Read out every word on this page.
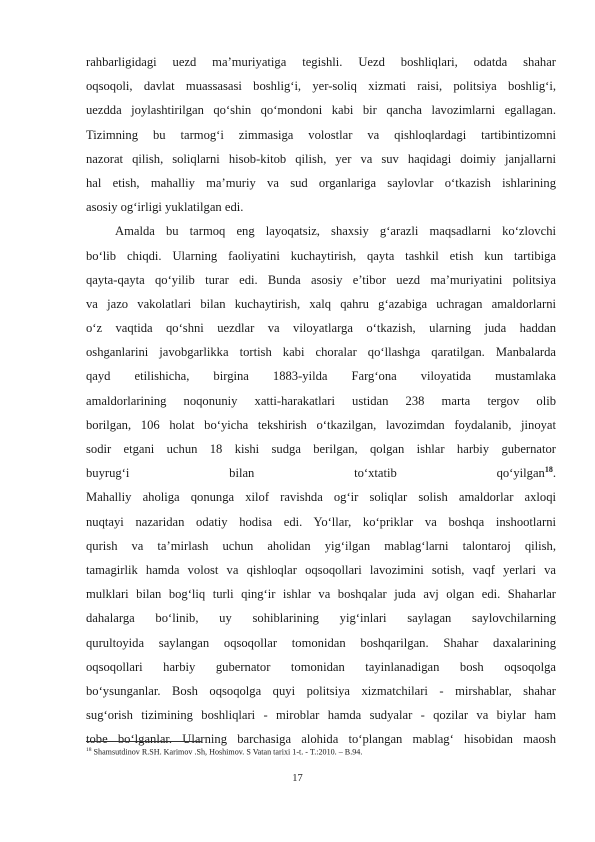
rahbarligidagi uezd ma’muriyatiga tegishli. Uezd boshliqlari, odatda shahar
oqsoqoli, davlat muassasasi boshlig‘i, yer-soliq xizmati raisi, politsiya boshlig‘i,
uezdda joylashtirilgan qo‘shin qo‘mondoni kabi bir qancha lavozimlarni egallagan.
Tizimning bu tarmog‘i zimmasiga volostlar va qishloqlardagi tartibintizomni
nazorat qilish, soliqlarni hisob-kitob qilish, yer va suv haqidagi doimiy janjallarni
hal etish, mahalliy ma’muriy va sud organlariga saylovlar o‘tkazish ishlarining
asosiy og‘irligi yuklatilgan edi.
Amalda bu tarmoq eng layoqatsiz, shaxsiy g‘arazli maqsadlarni ko‘zlovchi
bo‘lib chiqdi. Ularning faoliyatini kuchaytirish, qayta tashkil etish kun tartibiga
qayta-qayta qo‘yilib turar edi. Bunda asosiy e’tibor uezd ma’muriyatini politsiya
va jazo vakolatlari bilan kuchaytirish, xalq qahru g‘azabiga uchragan amaldorlarni
o‘z vaqtida qo‘shni uezdlar va viloyatlarga o‘tkazish, ularning juda haddan
oshganlarini javobgarlikka tortish kabi choralar qo‘llashga qaratilgan. Manbalarda
qayd etilishicha, birgina 1883-yilda Farg‘ona viloyatida mustamlaka
amaldorlarining noqonuniy xatti-harakatlari ustidan 238 marta tergov olib
borilgan, 106 holat bo‘yicha tekshirish o‘tkazilgan, lavozimdan foydalanib, jinoyat
sodir etgani uchun 18 kishi sudga berilgan, qolgan ishlar harbiy gubernator
buyrug‘i bilan to‘xtatib qo‘yilgan$^{18}$.
Mahalliy aholiga qonunga xilof ravishda og‘ir soliqlar solish amaldorlar axloqi
nuqtayi nazaridan odatiy hodisa edi. Yo‘llar, ko‘priklar va boshqa inshootlarni
qurish va ta’mirlash uchun aholidan yig‘ilgan mablag‘larni talontaroj qilish,
tamagirlik hamda volost va qishloqlar oqsoqollari lavozimini sotish, vaqf yerlari va
mulklari bilan bog‘liq turli qing‘ir ishlar va boshqalar juda avj olgan edi. Shaharlar
dahalarga bo‘linib, uy sohiblarining yig‘inlari saylagan saylovchilarning
qurultoyida saylangan oqsoqollar tomonidan boshqarilgan. Shahar daxalarining
oqsoqollari harbiy gubernator tomonidan tayinlanadigan bosh oqsoqolga
bo‘ysunganlar. Bosh oqsoqolga quyi politsiya xizmatchilari - mirshablar, shahar
sug‘orish tizimining boshliqlari - miroblar hamda sudyalar - qozilar va biylar ham
tobe bo‘lganlar. Ularning barchasiga alohida to‘plangan mablag‘ hisobidan maosh
$^{18}$ Shamsutdinov R.SH. Karimov .Sh, Hoshimov. S Vatan tarixi 1-t. - T.:2010. – B.94.
17
